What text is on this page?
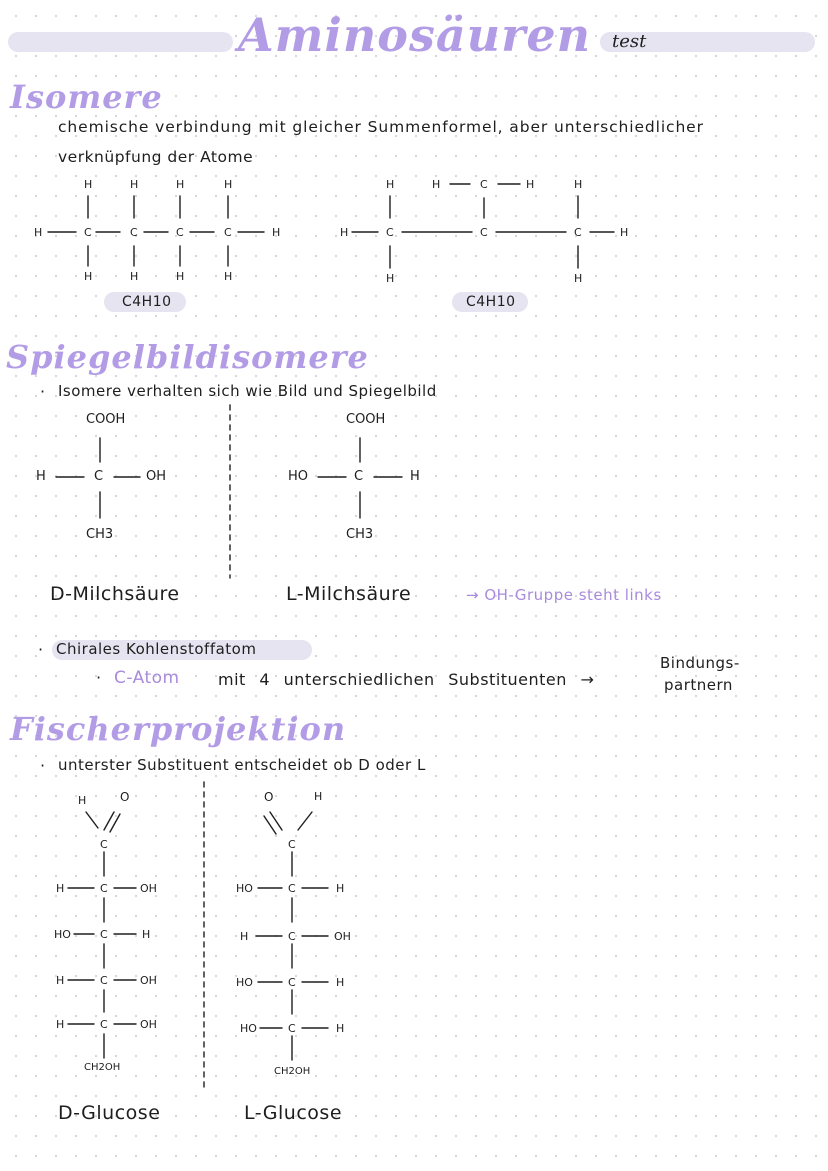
Aminosäuren test
Isomere
chemische verbindung mit gleicher Summenformel, aber unterschiedlicher
verknüpfung der Atome
H	C	C	C	C	H
H	H	H	H
H	H	H	H
C4H10
H	C	C	C	H
H	H
H	H
H	C	H
C4H10
Spiegelbildisomere
· Isomere verhalten sich wie Bild und Spiegelbild
COOH
H	C	OH
CH3
COOH
HO	C	H
CH3
D-Milchsäure	L-Milchsäure	→ OH-Gruppe steht links
· Chirales Kohlenstoffatom
· C-Atom mit 4 unterschiedlichen Substituenten →
Bindungs-
partnern
Fischerprojektion
· unterster Substituent entscheidet ob D oder L
H	O
C
H	C	OH
HO	C	H
H	C	OH
H	C	OH
CH2OH
O	H
C
HO	C	H
H	C	OH
HO	C	H
HO	C	H
CH2OH
D-Glucose	L-Glucose
